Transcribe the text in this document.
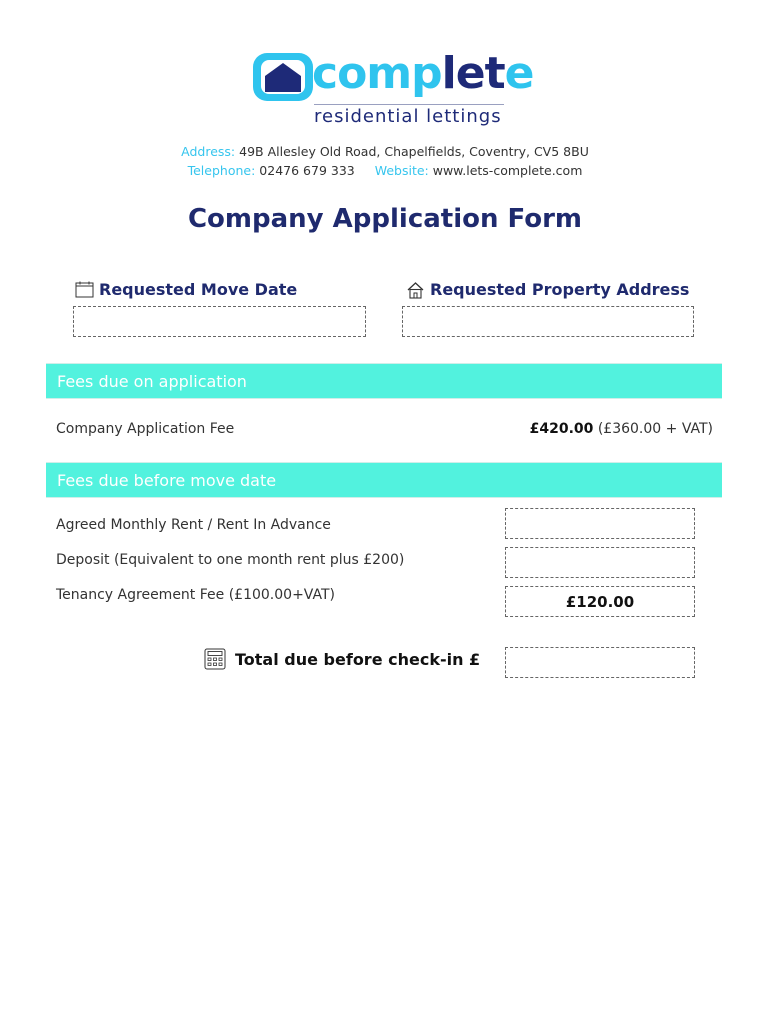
complete
residential lettings
Address: 49B Allesley Old Road, Chapelfields, Coventry, CV5 8BU
Telephone: 02476 679 333 Website: www.lets-complete.com
Company Application Form
Requested Move Date	Requested Property Address
Fees due on application
Company Application Fee	£420.00 (£360.00 + VAT)
Fees due before move date
Agreed Monthly Rent / Rent In Advance
Deposit (Equivalent to one month rent plus £200)
Tenancy Agreement Fee (£100.00+VAT)	£120.00
Total due before check-in £
